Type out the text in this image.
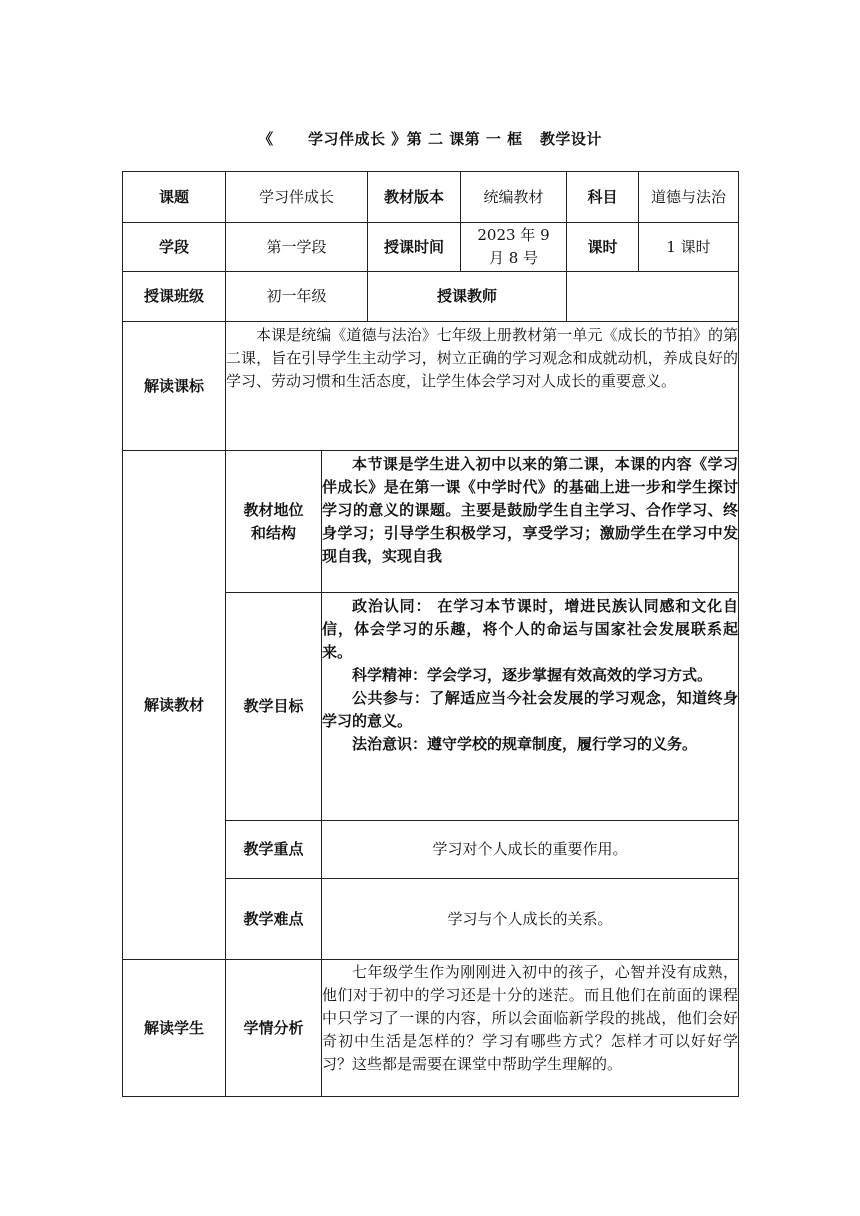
《 学习伴成长 》第 二 课第 一 框 教学设计
课题	学习伴成长		教材版本	统编教材	科目	道德与法治
学段	第一学段		授课时间	2023 年 9 月 8 号	课时	1 课时
授课班级	初一年级		授课教师			
解读课标	本课是统编《道德与法治》七年级上册教材第一单元《成长的节拍》的第二课，旨在引导学生主动学习，树立正确的学习观念和成就动机，养成良好的学习、劳动习惯和生活态度，让学生体会学习对人成长的重要意义。					

解读教材	教材地位和结构	本节课是学生进入初中以来的第二课，本课的内容《学习伴成长》是在第一课《中学时代》的基础上进一步和学生探讨学习的意义的课题。主要是鼓励学生自主学习、合作学习、终身学习；引导学生积极学习，享受学习；激励学生在学习中发现自我，实现自我				

	教学目标	政治认同： 在学习本节课时，增进民族认同感和文化自信，体会学习的乐趣，将个人的命运与国家社会发展联系起来。

科学精神：学会学习，逐步掌握有效高效的学习方式。

公共参与：了解适应当今社会发展的学习观念，知道终身学习的意义。

法治意识：遵守学校的规章制度，履行学习的义务。				

	教学重点	学习对个人成长的重要作用。				
	教学难点	学习与个人成长的关系。				
解读学生	学情分析	七年级学生作为刚刚进入初中的孩子，心智并没有成熟，他们对于初中的学习还是十分的迷茫。而且他们在前面的课程中只学习了一课的内容，所以会面临新学段的挑战，他们会好奇初中生活是怎样的？学习有哪些方式？怎样才可以好好学习？这些都是需要在课堂中帮助学生理解的。				
